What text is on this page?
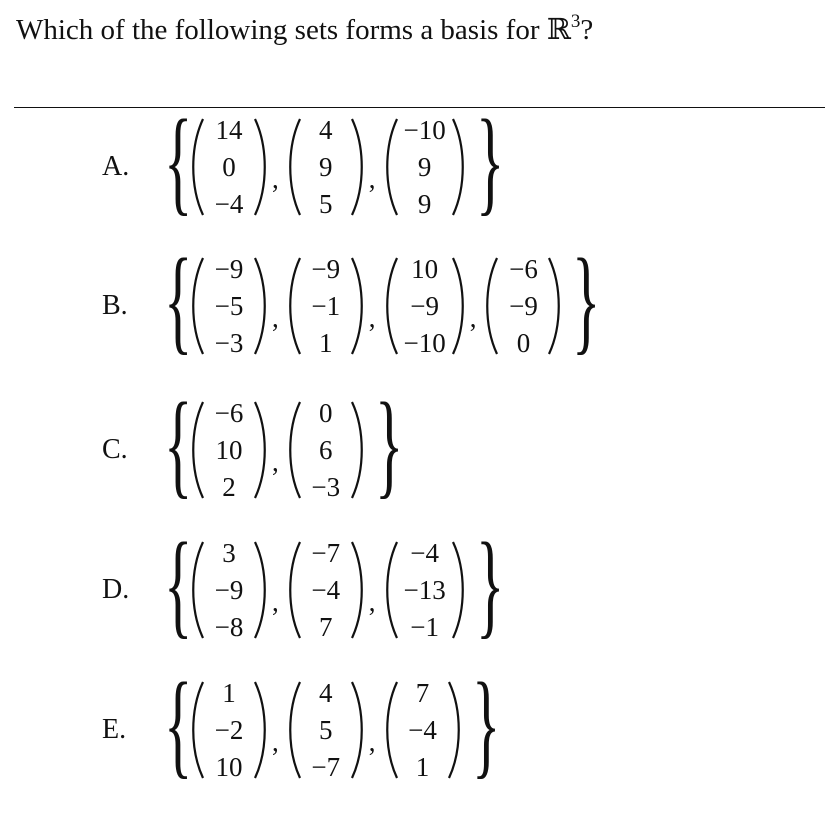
Which of the following sets forms a basis for ℝ$^3$?
A. { 14
0
−4
,
4
9
5
,
−10
9
9 }
B. { −9
−5
−3
,
−9
−1
1
,
10
−9
−10
,
−6
−9
0 }
C. { −6
10
2
,
0
6
−3 }
D. { 3
−9
−8
,
−7
−4
7
,
−4
−13
−1 }
E. { 1
−2
10
,
4
5
−7
,
7
−4
1 }
